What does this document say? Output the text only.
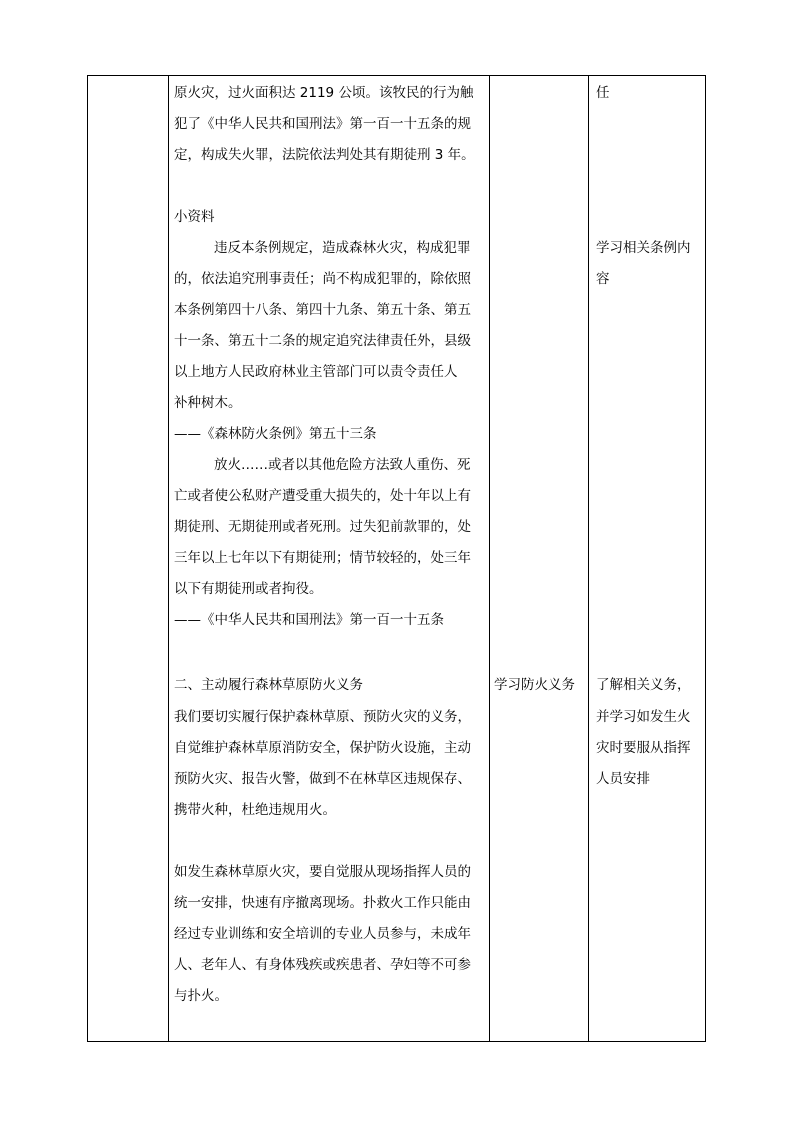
原火灾，过火面积达 2119 公顷。该牧民的行为触

犯了《中华人民共和国刑法》第一百一十五条的规

定，构成失火罪，法院依法判处其有期徒刑 3 年。

小资料

违反本条例规定，造成森林火灾，构成犯罪

的，依法追究刑事责任；尚不构成犯罪的，除依照

本条例第四十八条、第四十九条、第五十条、第五

十一条、第五十二条的规定追究法律责任外，县级

以上地方人民政府林业主管部门可以责令责任人

补种树木。

——《森林防火条例》第五十三条

放火……或者以其他危险方法致人重伤、死

亡或者使公私财产遭受重大损失的，处十年以上有

期徒刑、无期徒刑或者死刑。过失犯前款罪的，处

三年以上七年以下有期徒刑；情节较轻的，处三年

以下有期徒刑或者拘役。

——《中华人民共和国刑法》第一百一十五条

二、主动履行森林草原防火义务

我们要切实履行保护森林草原、预防火灾的义务，

自觉维护森林草原消防安全，保护防火设施，主动

预防火灾、报告火警，做到不在林草区违规保存、

携带火种，杜绝违规用火。

如发生森林草原火灾，要自觉服从现场指挥人员的

统一安排，快速有序撤离现场。扑救火工作只能由

经过专业训练和安全培训的专业人员参与，未成年

人、老年人、有身体残疾或疾患者、孕妇等不可参

与扑火。

学习防火义务

任

学习相关条例内

容

了解相关义务，

并学习如发生火

灾时要服从指挥

人员安排
